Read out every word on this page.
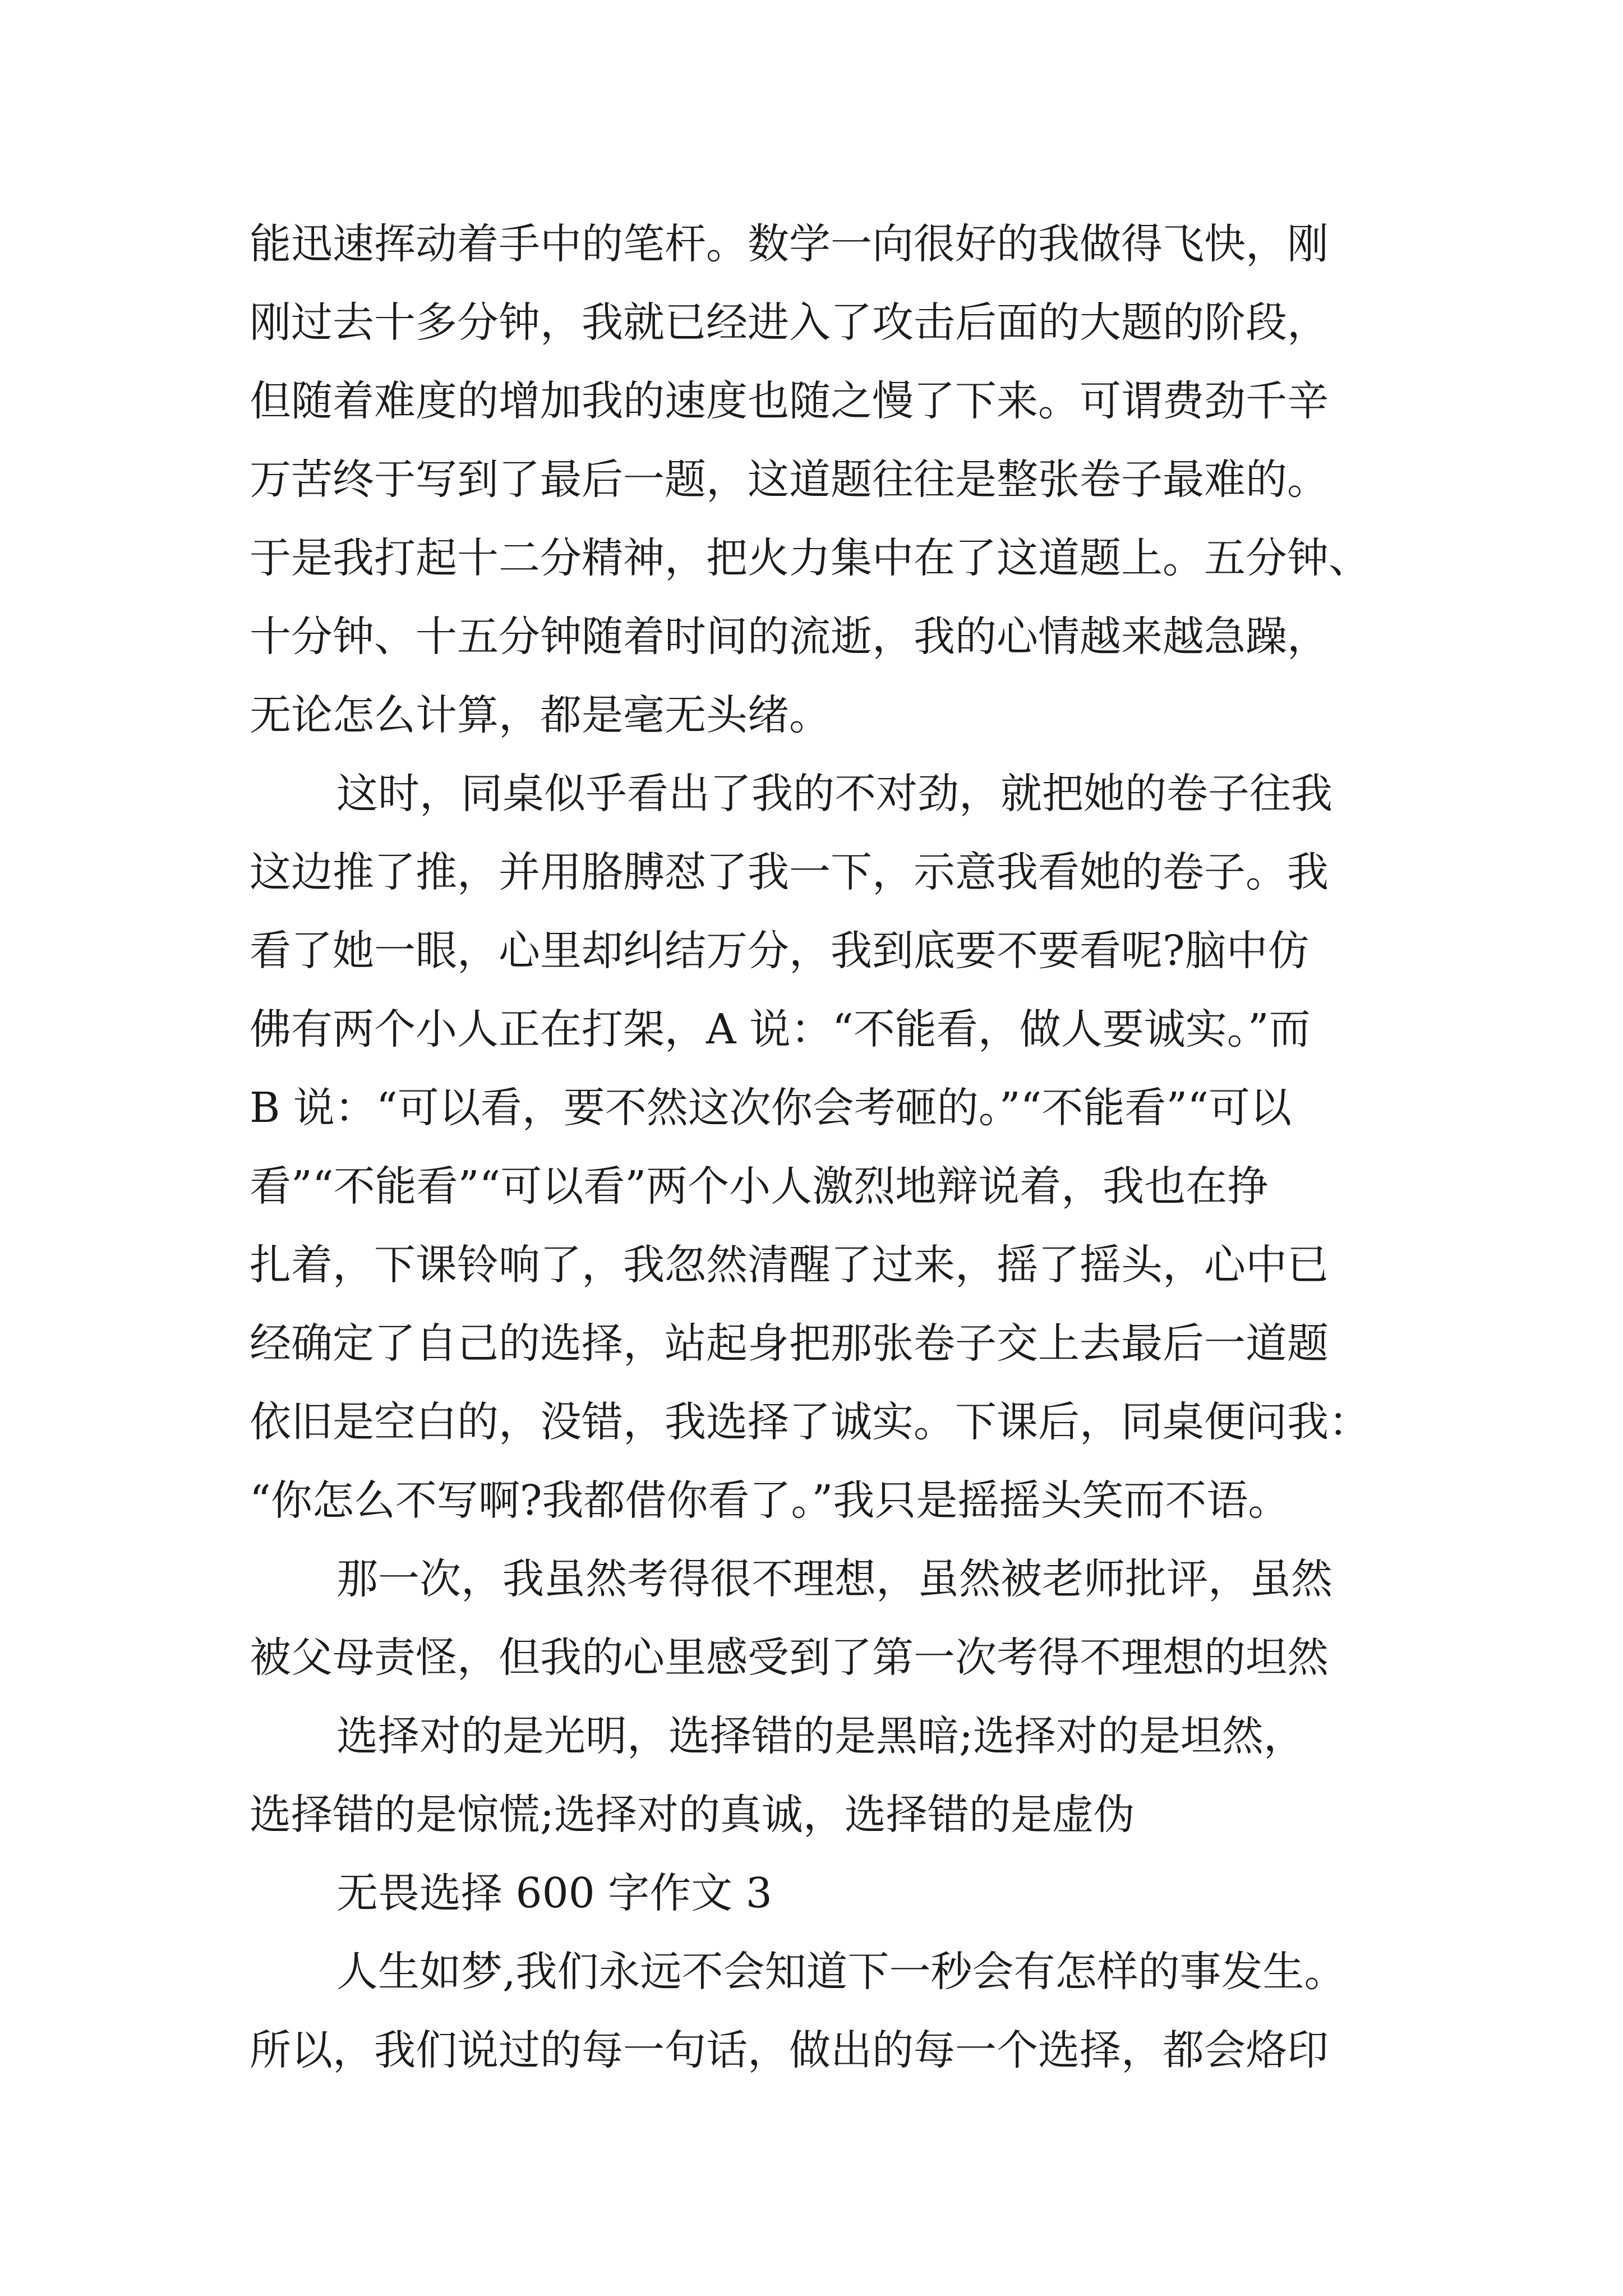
能迅速挥动着手中的笔杆。数学一向很好的我做得飞快，刚
刚过去十多分钟，我就已经进入了攻击后面的大题的阶段，
但随着难度的增加我的速度也随之慢了下来。可谓费劲千辛
万苦终于写到了最后一题，这道题往往是整张卷子最难的。
于是我打起十二分精神，把火力集中在了这道题上。五分钟、
十分钟、十五分钟随着时间的流逝，我的心情越来越急躁，
无论怎么计算，都是毫无头绪。
这时，同桌似乎看出了我的不对劲，就把她的卷子往我
这边推了推，并用胳膊怼了我一下，示意我看她的卷子。我
看了她一眼，心里却纠结万分，我到底要不要看呢?脑中仿
佛有两个小人正在打架，A 说：“不能看，做人要诚实。”而
B 说：“可以看，要不然这次你会考砸的。”“不能看”“可以
看”“不能看”“可以看”两个小人激烈地辩说着，我也在挣
扎着，下课铃响了，我忽然清醒了过来，摇了摇头，心中已
经确定了自己的选择，站起身把那张卷子交上去最后一道题
依旧是空白的，没错，我选择了诚实。下课后，同桌便问我：
“你怎么不写啊?我都借你看了。”我只是摇摇头笑而不语。
那一次，我虽然考得很不理想，虽然被老师批评，虽然
被父母责怪，但我的心里感受到了第一次考得不理想的坦然
选择对的是光明，选择错的是黑暗;选择对的是坦然，
选择错的是惊慌;选择对的真诚，选择错的是虚伪
无畏选择 600 字作文 3
人生如梦,我们永远不会知道下一秒会有怎样的事发生。
所以，我们说过的每一句话，做出的每一个选择，都会烙印
